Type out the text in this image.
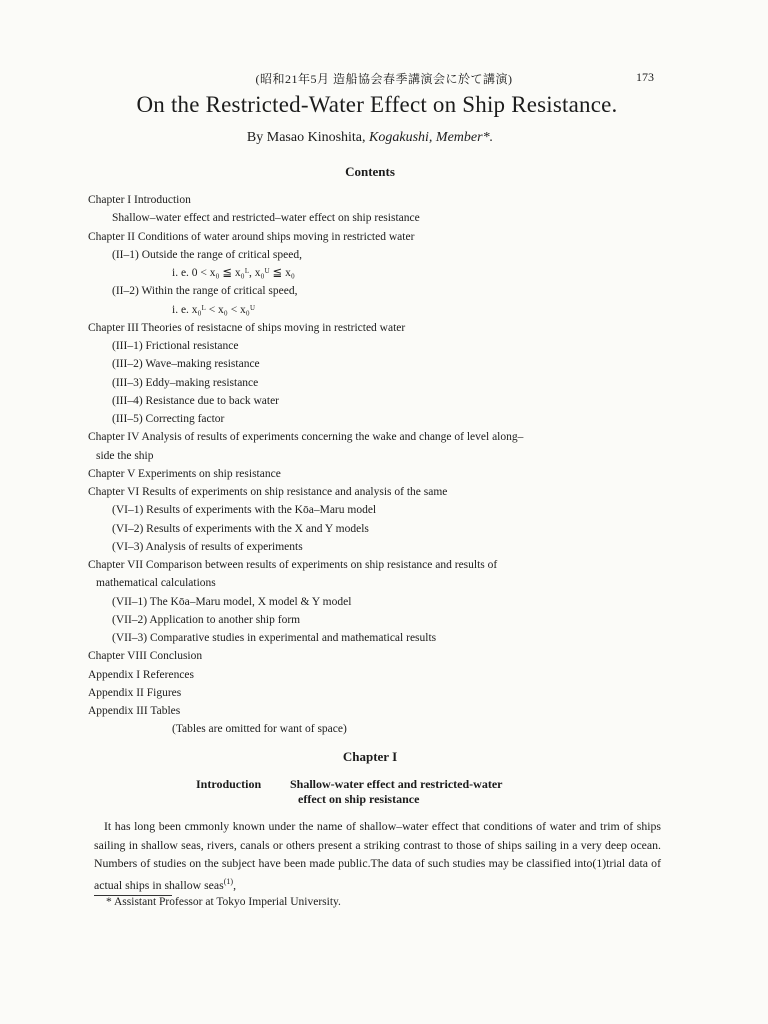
(昭和21年5月 造船協会春季講演会に於て講演)	173
On the Restricted-Water Effect on Ship Resistance.
By Masao Kinoshita, Kogakushi, Member*.
Contents
Chapter I Introduction
Shallow–water effect and restricted–water effect on ship resistance
Chapter II Conditions of water around ships moving in restricted water
(II–1) Outside the range of critical speed,
i. e. 0 < x₀ ≦ x₀ᴸ, x₀ᵁ ≦ x₀
(II–2) Within the range of critical speed,
i. e. x₀ᴸ < x₀ < x₀ᵁ
Chapter III Theories of resistacne of ships moving in restricted water
(III–1) Frictional resistance
(III–2) Wave–making resistance
(III–3) Eddy–making resistance
(III–4) Resistance due to back water
(III–5) Correcting factor
Chapter IV Analysis of results of experiments concerning the wake and change of level along–
side the ship
Chapter V Experiments on ship resistance
Chapter VI Results of experiments on ship resistance and analysis of the same
(VI–1) Results of experiments with the Kōa–Maru model
(VI–2) Results of experiments with the X and Y models
(VI–3) Analysis of results of experiments
Chapter VII Comparison between results of experiments on ship resistance and results of
mathematical calculations
(VII–1) The Kōa–Maru model, X model & Y model
(VII–2) Application to another ship form
(VII–3) Comparative studies in experimental and mathematical results
Chapter VIII Conclusion
Appendix I References
Appendix II Figures
Appendix III Tables
(Tables are omitted for want of space)
Chapter I
Introduction Shallow-water effect and restricted-water
effect on ship resistance

It has long been cmmonly known under the name of shallow–water effect that conditions of water and trim of ships sailing in shallow seas, rivers, canals or others present a striking contrast to those of ships sailing in a very deep ocean. Numbers of studies on the subject have been made public.The data of such studies may be classified into(1)trial data of actual ships in shallow seas$^{(1)}$,

* Assistant Professor at Tokyo Imperial University.
